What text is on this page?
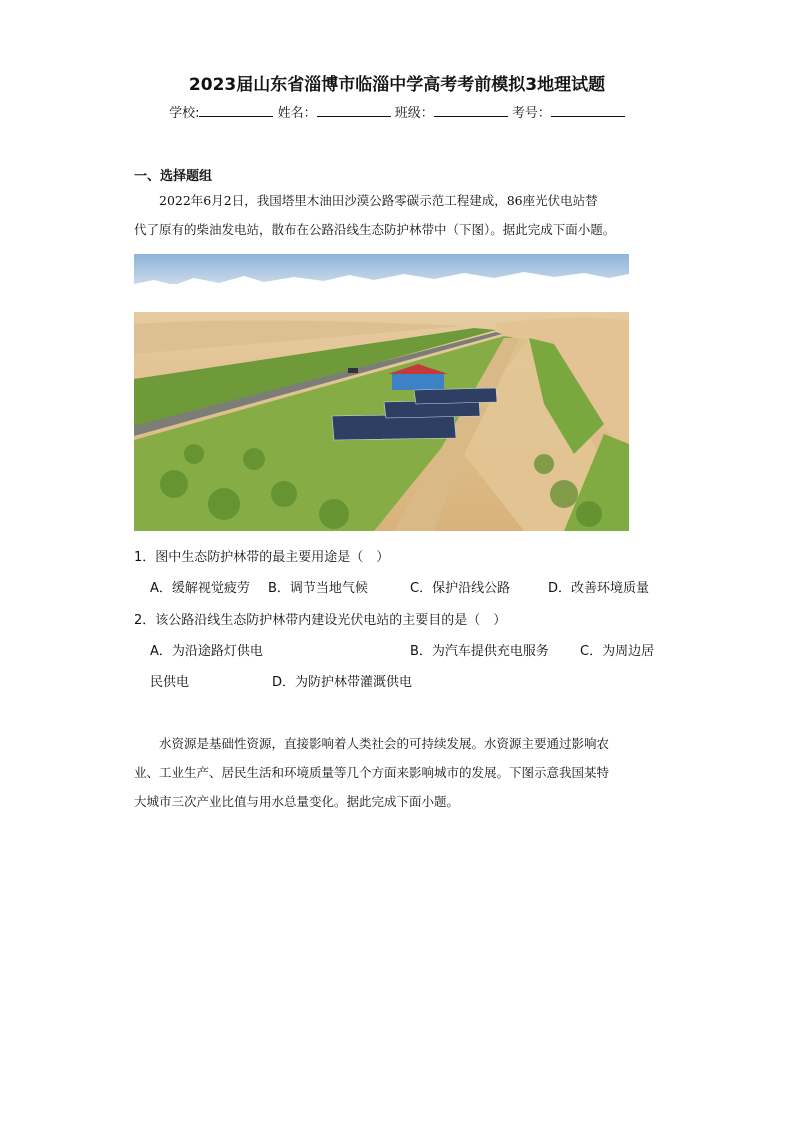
2023届山东省淄博市临淄中学高考考前模拟3地理试题
学校:	姓名：	班级：	考号：
一、选择题组
2022年6月2日，我国塔里木油田沙漠公路零碳示范工程建成，86座光伏电站替
代了原有的柴油发电站，散布在公路沿线生态防护林带中（下图）。据此完成下面小题。
1．图中生态防护林带的最主要用途是（　）
A．缓解视觉疲劳 B．调节当地气候	C．保护沿线公路	D．改善环境质量
2．该公路沿线生态防护林带内建设光伏电站的主要目的是（　）
A．为沿途路灯供电	B．为汽车提供充电服务 C．为周边居
民供电	D．为防护林带灌溉供电
水资源是基础性资源，直接影响着人类社会的可持续发展。水资源主要通过影响农
业、工业生产、居民生活和环境质量等几个方面来影响城市的发展。下图示意我国某特
大城市三次产业比值与用水总量变化。据此完成下面小题。
